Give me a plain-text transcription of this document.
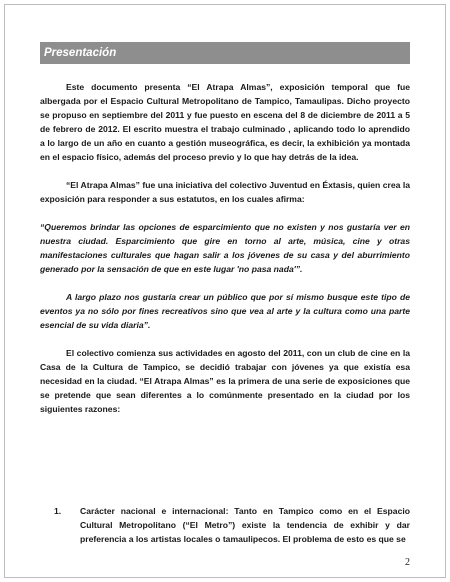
Presentación

Este documento presenta “El Atrapa Almas”, exposición temporal que fue albergada por el Espacio Cultural Metropolitano de Tampico, Tamaulipas. Dicho proyecto se propuso en septiembre del 2011 y fue puesto en escena del 8 de diciembre de 2011 a 5 de febrero de 2012. El escrito muestra el trabajo culminado , aplicando todo lo aprendido a lo largo de un año en cuanto a gestión museográfica, es decir, la exhibición ya montada en el espacio físico, además del proceso previo y lo que hay detrás de la idea.

“El Atrapa Almas” fue una iniciativa del colectivo Juventud en Éxtasis, quien crea la exposición para responder a sus estatutos, en los cuales afirma:

“Queremos brindar las opciones de esparcimiento que no existen y nos gustaría ver en nuestra ciudad. Esparcimiento que gire en torno al arte, música, cine y otras manifestaciones culturales que hagan salir a los jóvenes de su casa y del aburrimiento generado por la sensación de que en este lugar 'no pasa nada'”.

A largo plazo nos gustaría crear un público que por sí mismo busque este tipo de eventos ya no sólo por fines recreativos sino que vea al arte y la cultura como una parte esencial de su vida diaria”.

El colectivo comienza sus actividades en agosto del 2011, con un club de cine en la Casa de la Cultura de Tampico, se decidió trabajar con jóvenes ya que existía esa necesidad en la ciudad. “El Atrapa Almas” es la primera de una serie de exposiciones que se pretende que sean diferentes a lo comúnmente presentado en la ciudad por los siguientes razones:

1.	Carácter nacional e internacional: Tanto en Tampico como en el Espacio Cultural Metropolitano (“El Metro”) existe la tendencia de exhibir y dar preferencia a los artistas locales o tamaulipecos. El problema de esto es que se
2
